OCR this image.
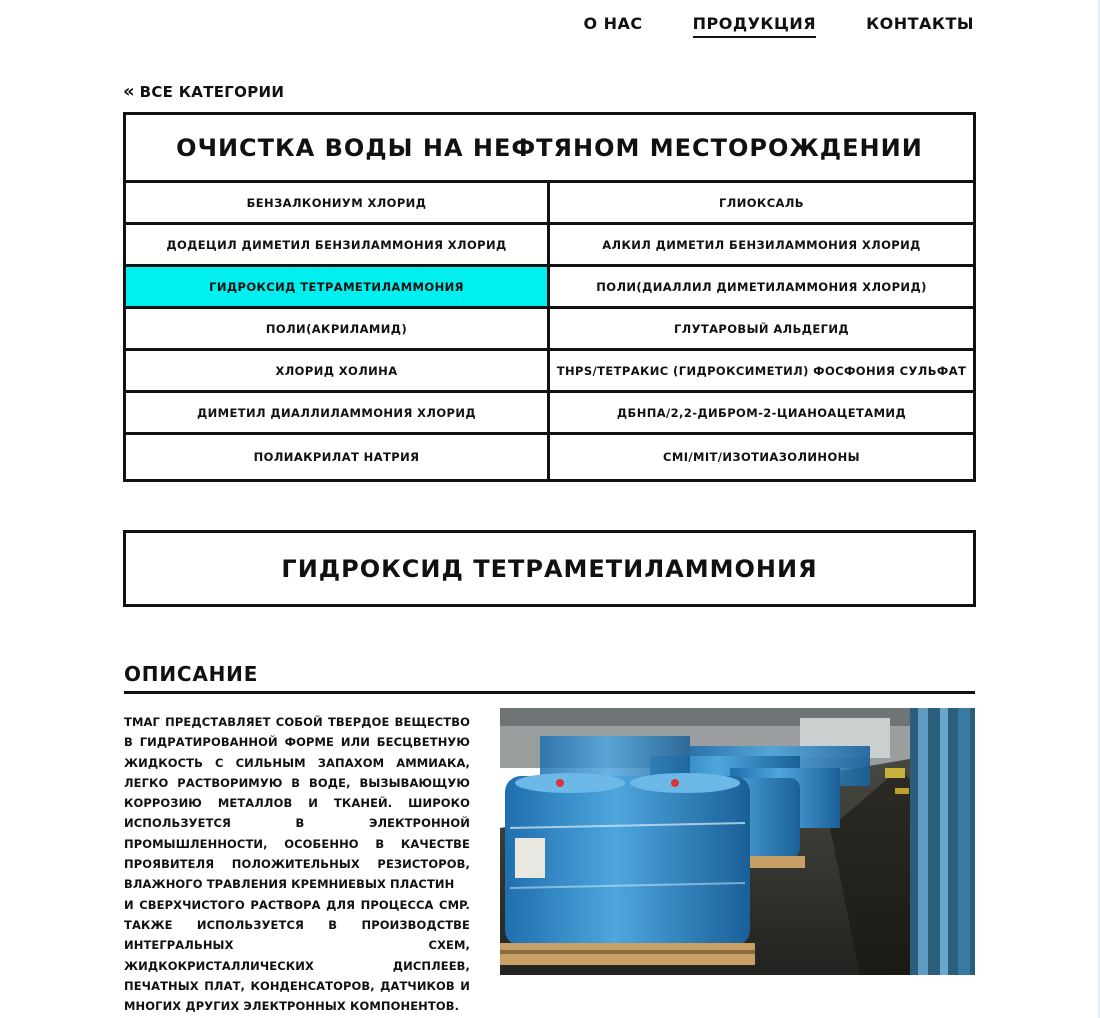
О НАС	ПРОДУКЦИЯ	КОНТАКТЫ
« ВСЕ КАТЕГОРИИ
ОЧИСТКА ВОДЫ НА НЕФТЯНОМ МЕСТОРОЖДЕНИИ
БЕНЗАЛКОНИУМ ХЛОРИД	ГЛИОКСАЛЬ
ДОДЕЦИЛ ДИМЕТИЛ БЕНЗИЛАММОНИЯ ХЛОРИД	АЛКИЛ ДИМЕТИЛ БЕНЗИЛАММОНИЯ ХЛОРИД
ГИДРОКСИД ТЕТРАМЕТИЛАММОНИЯ	ПОЛИ(ДИАЛЛИЛ ДИМЕТИЛАММОНИЯ ХЛОРИД)
ПОЛИ(АКРИЛАМИД)	ГЛУТАРОВЫЙ АЛЬДЕГИД
ХЛОРИД ХОЛИНА	THPS/ТЕТРАКИС (ГИДРОКСИМЕТИЛ) ФОСФОНИЯ СУЛЬФАТ
ДИМЕТИЛ ДИАЛЛИЛАММОНИЯ ХЛОРИД	ДБНПА/2,2-ДИБРОМ-2-ЦИАНОАЦЕТАМИД
ПОЛИАКРИЛАТ НАТРИЯ	CMI/MIT/ИЗОТИАЗОЛИНОНЫ
ГИДРОКСИД ТЕТРАМЕТИЛАММОНИЯ
ОПИСАНИЕ

TMAГ ПРЕДСТАВЛЯЕТ СОБОЙ ТВЕРДОЕ ВЕЩЕСТВО В ГИДРАТИРОВАННОЙ ФОРМЕ ИЛИ БЕСЦВЕТНУЮ ЖИДКОСТЬ С СИЛЬНЫМ ЗАПАХОМ АММИАКА, ЛЕГКО РАСТВОРИМУЮ В ВОДЕ, ВЫЗЫВАЮЩУЮ КОРРОЗИЮ МЕТАЛЛОВ И ТКАНЕЙ. ШИРОКО ИСПОЛЬЗУЕТСЯ В ЭЛЕКТРОННОЙ ПРОМЫШЛЕННОСТИ, ОСОБЕННО В КАЧЕСТВЕ ПРОЯВИТЕЛЯ ПОЛОЖИТЕЛЬНЫХ РЕЗИСТОРОВ, ВЛАЖНОГО ТРАВЛЕНИЯ КРЕМНИЕВЫХ ПЛАСТИН

И СВЕРХЧИСТОГО РАСТВОРА ДЛЯ ПРОЦЕССА CMP. ТАКЖЕ ИСПОЛЬЗУЕТСЯ В ПРОИЗВОДСТВЕ ИНТЕГРАЛЬНЫХ СХЕМ, ЖИДКОКРИСТАЛЛИЧЕСКИХ ДИСПЛЕЕВ, ПЕЧАТНЫХ ПЛАТ, КОНДЕНСАТОРОВ, ДАТЧИКОВ И МНОГИХ ДРУГИХ ЭЛЕКТРОННЫХ КОМПОНЕНТОВ.
